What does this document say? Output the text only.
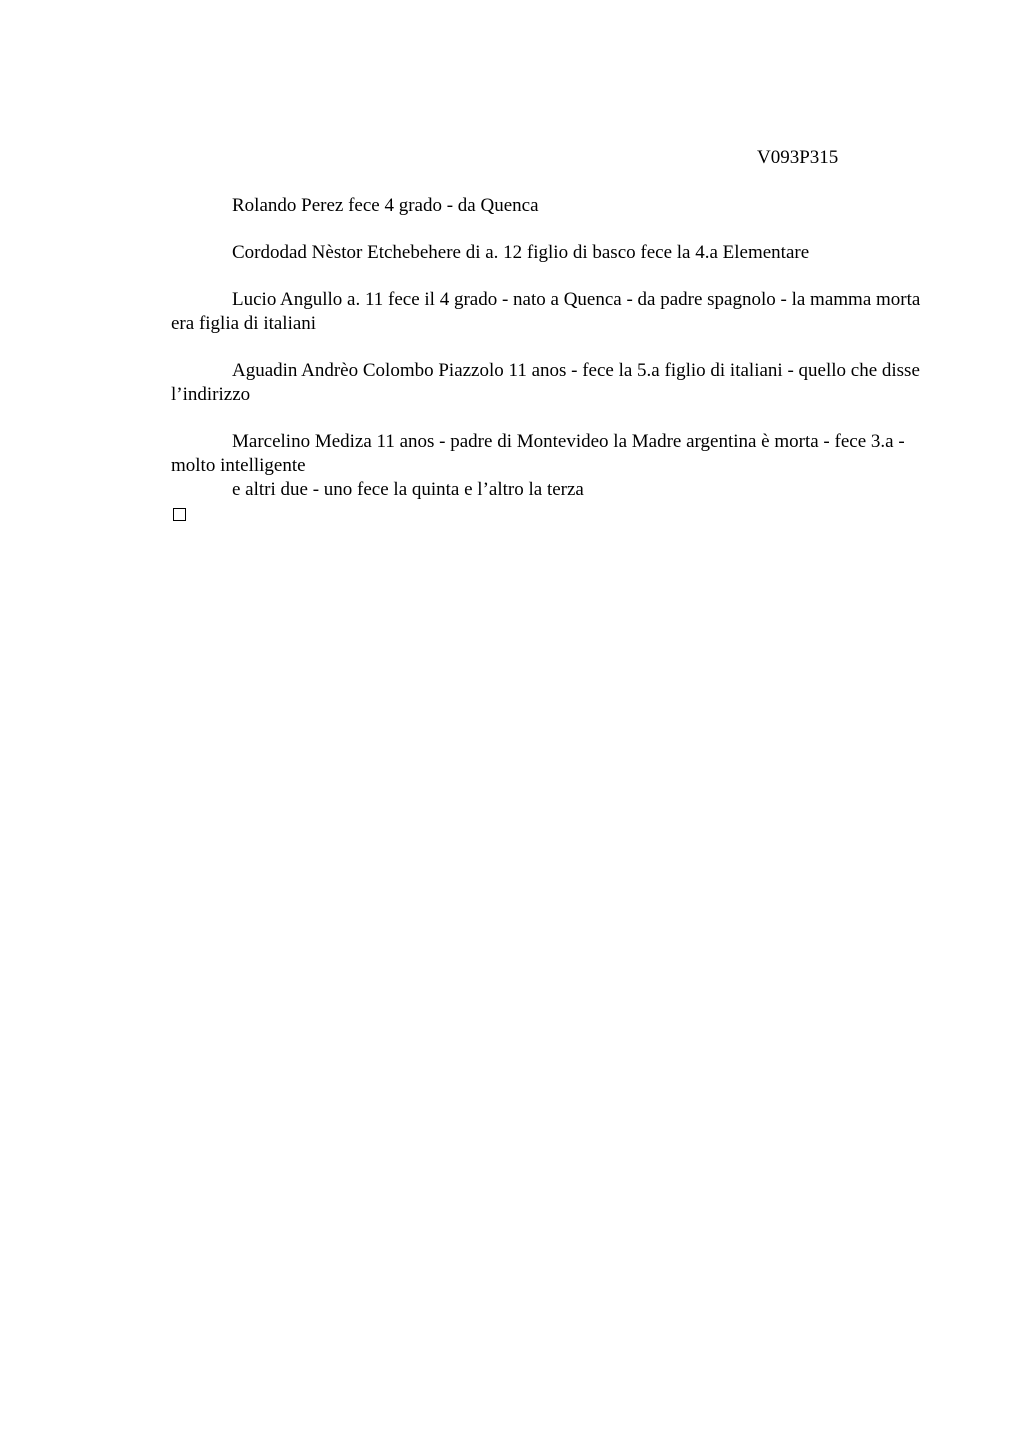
V093P315

Rolando Perez fece 4 grado - da Quenca

Cordodad Nèstor Etchebehere di a. 12 figlio di basco fece la 4.a Elementare

Lucio Angullo a. 11 fece il 4 grado - nato a Quenca - da padre spagnolo - la mamma morta era figlia di italiani

Aguadin Andrèo Colombo Piazzolo 11 anos - fece la 5.a figlio di italiani - quello che disse l’indirizzo

Marcelino Mediza 11 anos - padre di Montevideo la Madre argentina è morta - fece 3.a - molto intelligente

e altri due - uno fece la quinta e l’altro la terza
